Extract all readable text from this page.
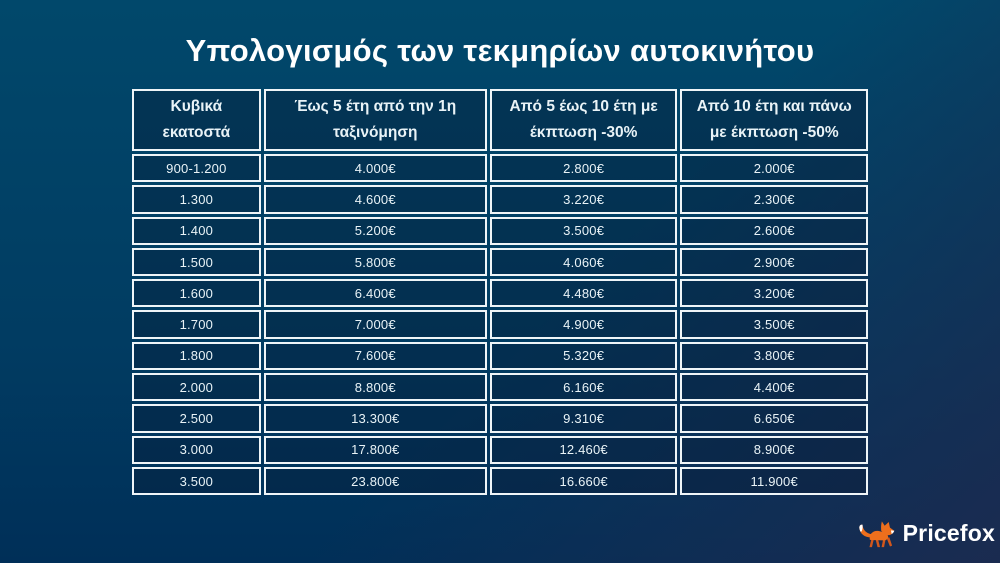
Υπολογισμός των τεκμηρίων αυτοκινήτου
Κυβικά εκατοστά	Έως 5 έτη από την 1η ταξινόμηση	Από 5 έως 10 έτη με έκπτωση -30%	Από 10 έτη και πάνω με έκπτωση -50%
900-1.200	4.000€	2.800€	2.000€
1.300	4.600€	3.220€	2.300€
1.400	5.200€	3.500€	2.600€
1.500	5.800€	4.060€	2.900€
1.600	6.400€	4.480€	3.200€
1.700	7.000€	4.900€	3.500€
1.800	7.600€	5.320€	3.800€
2.000	8.800€	6.160€	4.400€
2.500	13.300€	9.310€	6.650€
3.000	17.800€	12.460€	8.900€
3.500	23.800€	16.660€	11.900€
Pricefox
